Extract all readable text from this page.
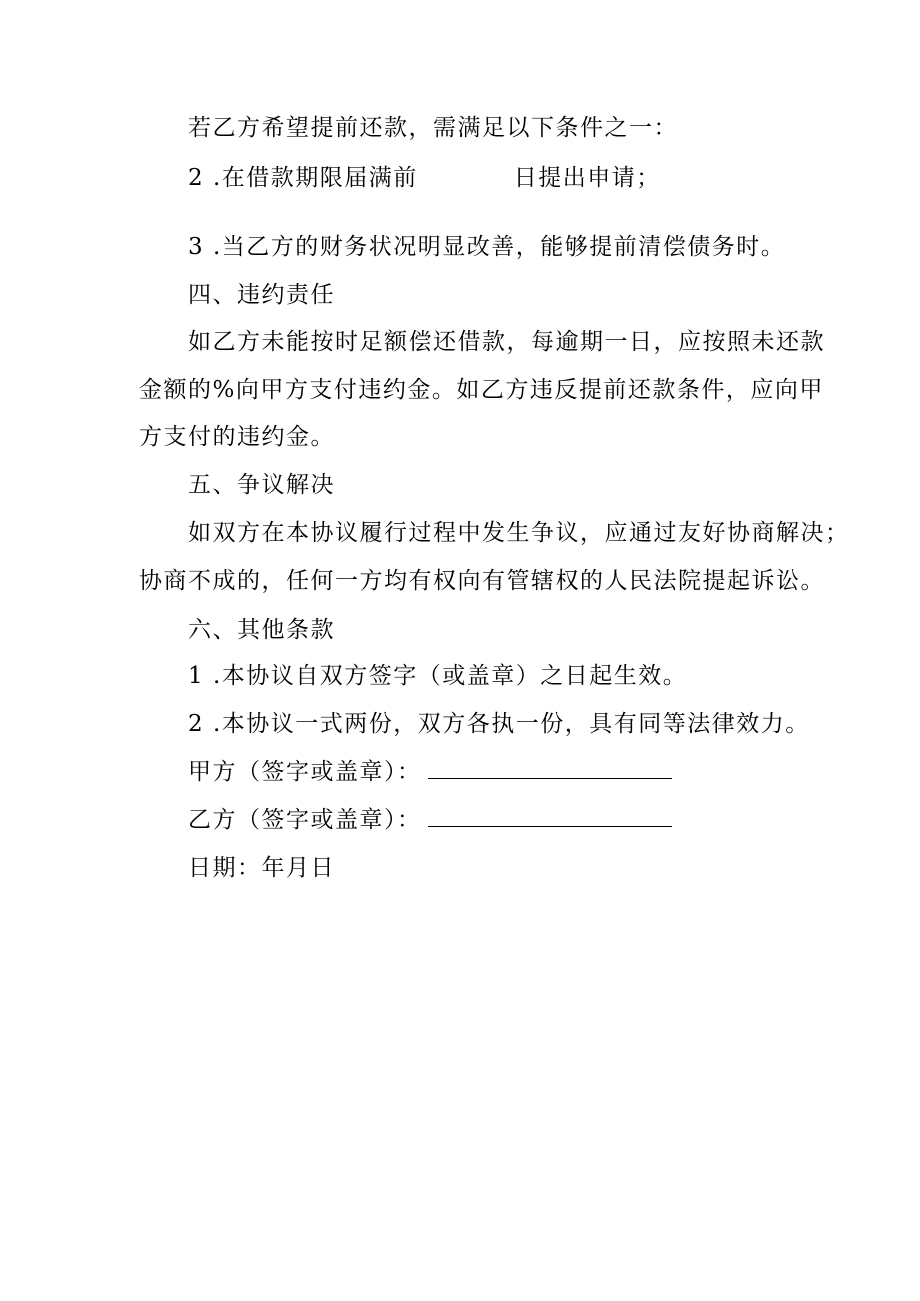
若乙方希望提前还款，需满足以下条件之一：
2 .在借款期限届满前	日提出申请；
3 .当乙方的财务状况明显改善，能够提前清偿债务时。
四、违约责任
如乙方未能按时足额偿还借款，每逾期一日，应按照未还款
金额的%向甲方支付违约金。如乙方违反提前还款条件，应向甲
方支付的违约金。
五、争议解决
如双方在本协议履行过程中发生争议，应通过友好协商解决；
协商不成的，任何一方均有权向有管辖权的人民法院提起诉讼。
六、其他条款
1 .本协议自双方签字（或盖章）之日起生效。
2 .本协议一式两份，双方各执一份，具有同等法律效力。
甲方（签字或盖章）：
乙方（签字或盖章）：
日期：年月日
